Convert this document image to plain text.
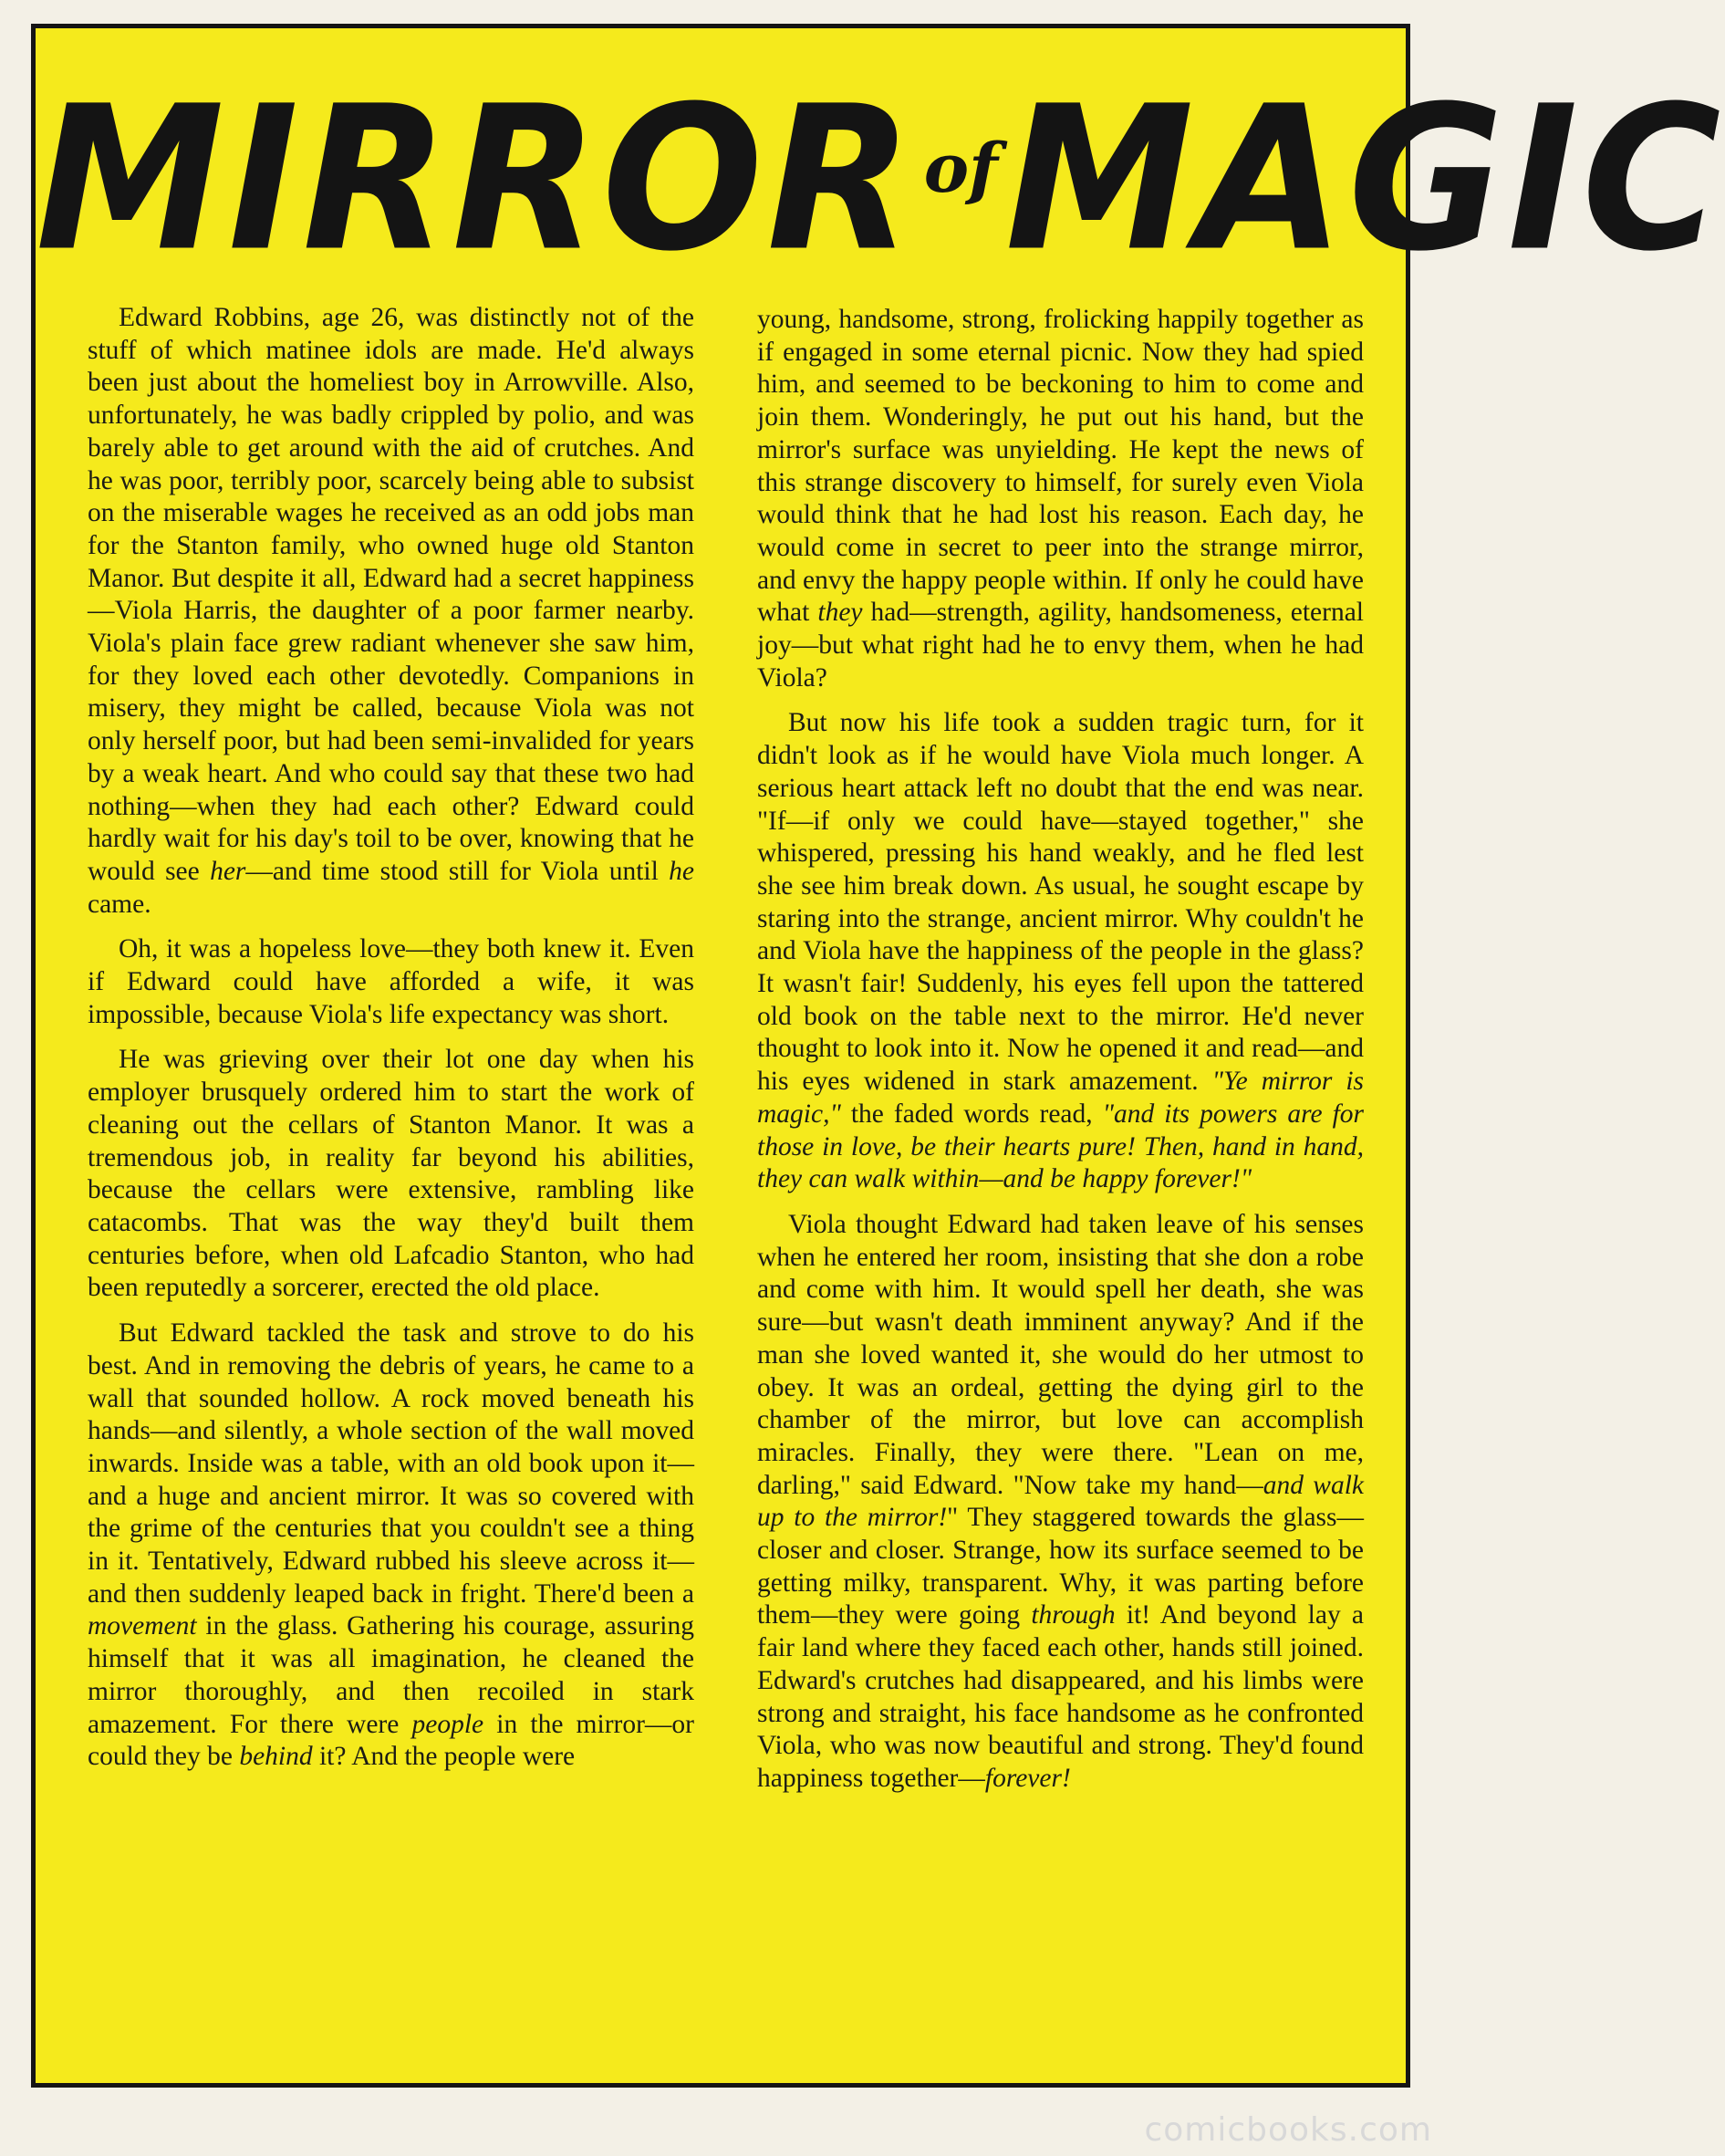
MIRROR ofMAGIC

Edward Robbins, age 26, was distinctly not of the stuff of which matinee idols are made. He'd always been just about the homeliest boy in Arrowville. Also, unfortunately, he was badly crippled by polio, and was barely able to get around with the aid of crutches. And he was poor, terribly poor, scarcely being able to subsist on the miserable wages he received as an odd jobs man for the Stanton family, who owned huge old Stanton Manor. But despite it all, Edward had a secret happiness—Viola Harris, the daughter of a poor farmer nearby. Viola's plain face grew radiant whenever she saw him, for they loved each other devotedly. Companions in misery, they might be called, because Viola was not only herself poor, but had been semi-invalided for years by a weak heart. And who could say that these two had nothing—when they had each other? Edward could hardly wait for his day's toil to be over, knowing that he would see her—and time stood still for Viola until he came.

Oh, it was a hopeless love—they both knew it. Even if Edward could have afforded a wife, it was impossible, because Viola's life expectancy was short.

He was grieving over their lot one day when his employer brusquely ordered him to start the work of cleaning out the cellars of Stanton Manor. It was a tremendous job, in reality far beyond his abilities, because the cellars were extensive, rambling like catacombs. That was the way they'd built them centuries before, when old Lafcadio Stanton, who had been reputedly a sorcerer, erected the old place.

But Edward tackled the task and strove to do his best. And in removing the debris of years, he came to a wall that sounded hollow. A rock moved beneath his hands—and silently, a whole section of the wall moved inwards. Inside was a table, with an old book upon it—and a huge and ancient mirror. It was so covered with the grime of the centuries that you couldn't see a thing in it. Tentatively, Edward rubbed his sleeve across it—and then suddenly leaped back in fright. There'd been a movement in the glass. Gathering his courage, assuring himself that it was all imagination, he cleaned the mirror thoroughly, and then recoiled in stark amazement. For there were people in the mirror—or could they be behind it? And the people were

young, handsome, strong, frolicking happily together as if engaged in some eternal picnic. Now they had spied him, and seemed to be beckoning to him to come and join them. Wonderingly, he put out his hand, but the mirror's surface was unyielding. He kept the news of this strange discovery to himself, for surely even Viola would think that he had lost his reason. Each day, he would come in secret to peer into the strange mirror, and envy the happy people within. If only he could have what they had—strength, agility, handsomeness, eternal joy—but what right had he to envy them, when he had Viola?

But now his life took a sudden tragic turn, for it didn't look as if he would have Viola much longer. A serious heart attack left no doubt that the end was near. "If—if only we could have—stayed together," she whispered, pressing his hand weakly, and he fled lest she see him break down. As usual, he sought escape by staring into the strange, ancient mirror. Why couldn't he and Viola have the happiness of the people in the glass? It wasn't fair! Suddenly, his eyes fell upon the tattered old book on the table next to the mirror. He'd never thought to look into it. Now he opened it and read—and his eyes widened in stark amazement. "Ye mirror is magic," the faded words read, "and its powers are for those in love, be their hearts pure! Then, hand in hand, they can walk within—and be happy forever!"

Viola thought Edward had taken leave of his senses when he entered her room, insisting that she don a robe and come with him. It would spell her death, she was sure—but wasn't death imminent anyway? And if the man she loved wanted it, she would do her utmost to obey. It was an ordeal, getting the dying girl to the chamber of the mirror, but love can accomplish miracles. Finally, they were there. "Lean on me, darling," said Edward. "Now take my hand—and walk up to the mirror!" They staggered towards the glass—closer and closer. Strange, how its surface seemed to be getting milky, transparent. Why, it was parting before them—they were going through it! And beyond lay a fair land where they faced each other, hands still joined. Edward's crutches had disappeared, and his limbs were strong and straight, his face handsome as he confronted Viola, who was now beautiful and strong. They'd found happiness together—forever!

comicbooks.com
